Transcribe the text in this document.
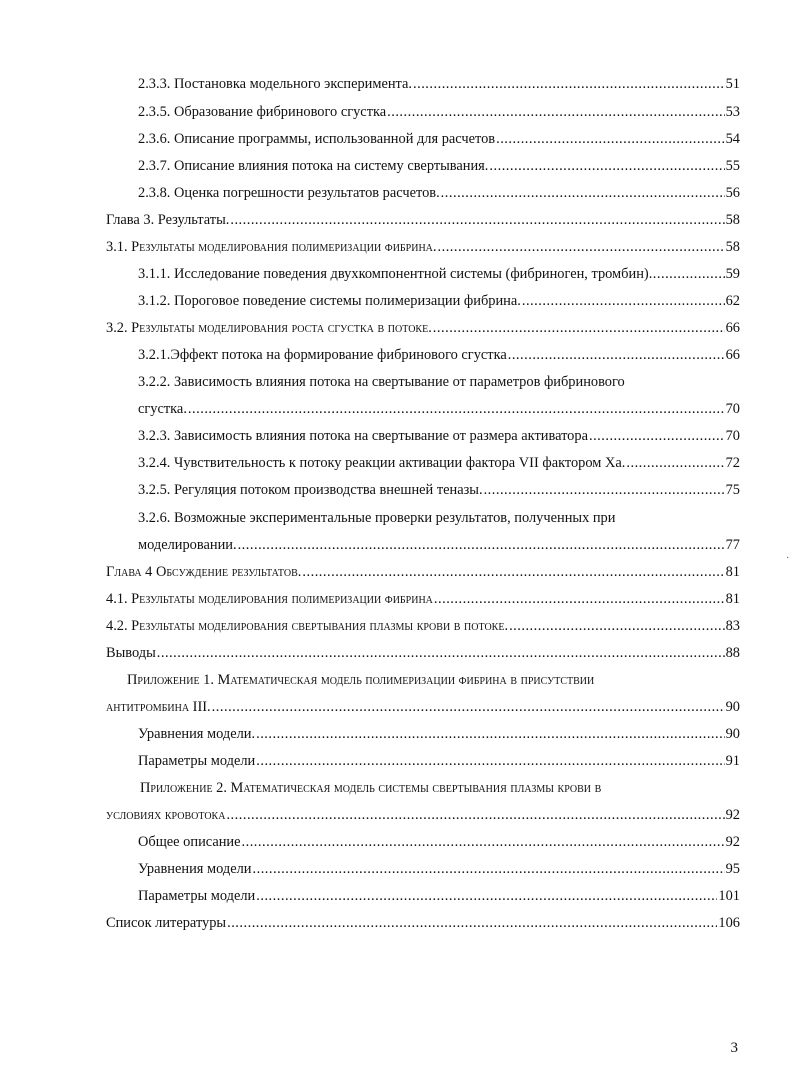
2.3.3. Постановка модельного эксперимента. .....	51
2.3.5. Образование фибринового сгустка .....	53
2.3.6. Описание программы, использованной для расчетов .....	54
2.3.7. Описание влияния потока на систему свертывания. .....	55
2.3.8. Оценка погрешности результатов расчетов. .....	56
Глава 3. Результаты. .....	58
3.1. Результаты моделирования полимеризации фибрина. .....	58
3.1.1. Исследование поведения двухкомпонентной системы (фибриноген, тромбин) .....	59
3.1.2. Пороговое поведение системы полимеризации фибрина. .....	62
3.2. Результаты моделирования роста сгустка в потоке. .....	66
3.2.1.Эффект потока на формирование фибринового сгустка .....	66
3.2.2. Зависимость влияния потока на свертывание от параметров фибринового
сгустка. .....	70
3.2.3. Зависимость влияния потока на свертывание от размера активатора .....	70
3.2.4. Чувствительность к потоку реакции активации фактора VII фактором Ха. .....	72
3.2.5. Регуляция потоком производства внешней теназы. .....	75
3.2.6. Возможные экспериментальные проверки результатов, полученных при
моделировании. .....	77
Глава 4 Обсуждение результатов. .....	81
4.1. Результаты моделирования полимеризации фибрина .....	81
4.2. Результаты моделирования свертывания плазмы крови в потоке. .....	83
Выводы .....	88
Приложение 1. Математическая модель полимеризации фибрина в присутствии
антитромбина III. .....	90
Уравнения модели. .....	90
Параметры модели .....	91
Приложение 2. Математическая модель системы свертывания плазмы крови в
условиях кровотока .....	92
Общее описание .....	92
Уравнения модели .....	95
Параметры модели .....	101
Список литературы .....	106
3
·
